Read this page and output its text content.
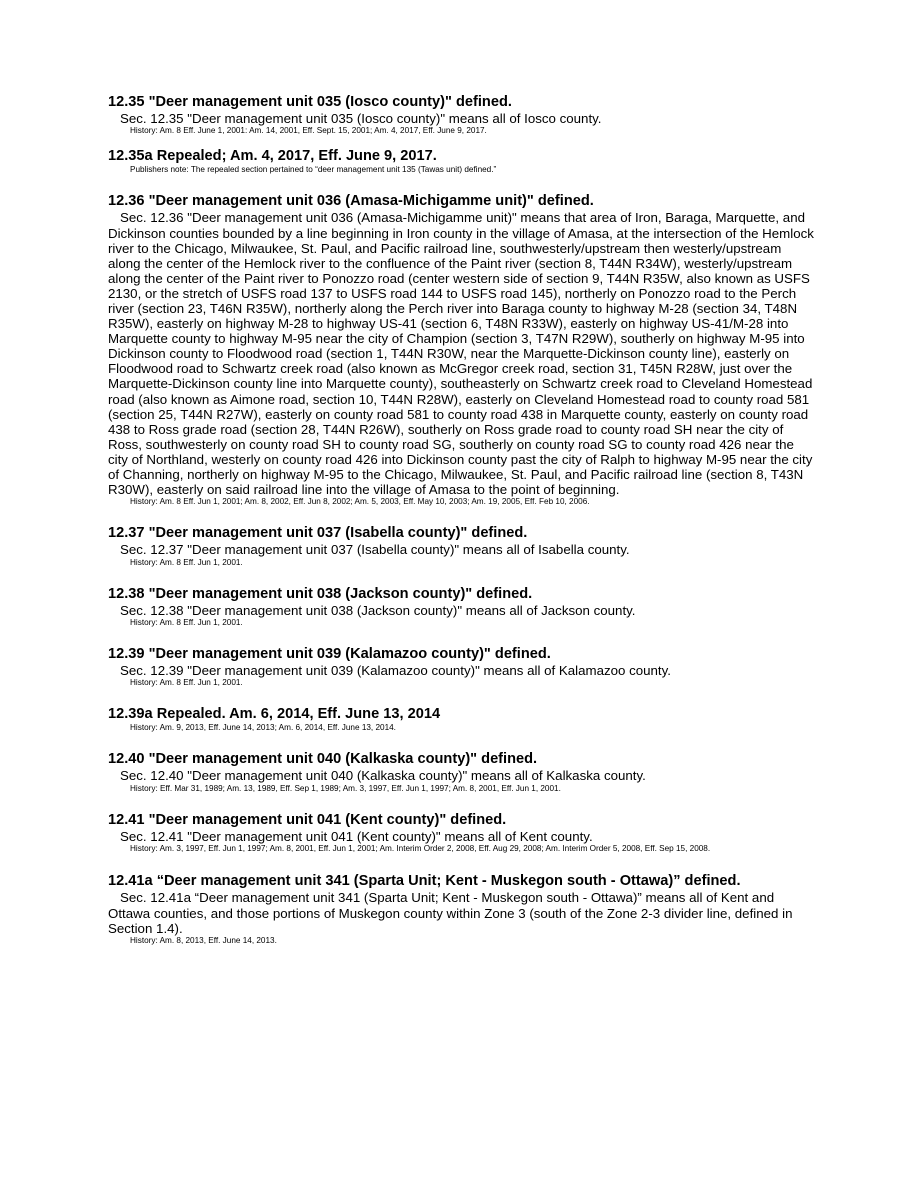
12.35 "Deer management unit 035 (Iosco county)" defined.

Sec. 12.35 "Deer management unit 035 (Iosco county)" means all of Iosco county.

History: Am. 8 Eff. June 1, 2001: Am. 14, 2001, Eff. Sept. 15, 2001; Am. 4, 2017, Eff. June 9, 2017.

12.35a Repealed; Am. 4, 2017, Eff. June 9, 2017.

Publishers note: The repealed section pertained to “deer management unit 135 (Tawas unit) defined.”

12.36 "Deer management unit 036 (Amasa-Michigamme unit)" defined.

Sec. 12.36 "Deer management unit 036 (Amasa-Michigamme unit)" means that area of Iron, Baraga, Marquette, and Dickinson counties bounded by a line beginning in Iron county in the village of Amasa, at the intersection of the Hemlock river to the Chicago, Milwaukee, St. Paul, and Pacific railroad line, southwesterly/upstream then westerly/upstream along the center of the Hemlock river to the confluence of the Paint river (section 8, T44N R34W), westerly/upstream along the center of the Paint river to Ponozzo road (center western side of section 9, T44N R35W, also known as USFS 2130, or the stretch of USFS road 137 to USFS road 144 to USFS road 145), northerly on Ponozzo road to the Perch river (section 23, T46N R35W), northerly along the Perch river into Baraga county to highway M-28 (section 34, T48N R35W), easterly on highway M-28 to highway US-41 (section 6, T48N R33W), easterly on highway US-41/M-28 into Marquette county to highway M-95 near the city of Champion (section 3, T47N R29W), southerly on highway M-95 into Dickinson county to Floodwood road (section 1, T44N R30W, near the Marquette-Dickinson county line), easterly on Floodwood road to Schwartz creek road (also known as McGregor creek road, section 31, T45N R28W, just over the Marquette-Dickinson county line into Marquette county), southeasterly on Schwartz creek road to Cleveland Homestead road (also known as Aimone road, section 10, T44N R28W), easterly on Cleveland Homestead road to county road 581 (section 25, T44N R27W), easterly on county road 581 to county road 438 in Marquette county, easterly on county road 438 to Ross grade road (section 28, T44N R26W), southerly on Ross grade road to county road SH near the city of Ross, southwesterly on county road SH to county road SG, southerly on county road SG to county road 426 near the city of Northland, westerly on county road 426 into Dickinson county past the city of Ralph to highway M-95 near the city of Channing, northerly on highway M-95 to the Chicago, Milwaukee, St. Paul, and Pacific railroad line (section 8, T43N R30W), easterly on said railroad line into the village of Amasa to the point of beginning.

History: Am. 8 Eff. Jun 1, 2001; Am. 8, 2002, Eff. Jun 8, 2002; Am. 5, 2003, Eff. May 10, 2003; Am. 19, 2005, Eff. Feb 10, 2006.

12.37 "Deer management unit 037 (Isabella county)" defined.

Sec. 12.37 "Deer management unit 037 (Isabella county)" means all of Isabella county.

History: Am. 8 Eff. Jun 1, 2001.

12.38 "Deer management unit 038 (Jackson county)" defined.

Sec. 12.38 "Deer management unit 038 (Jackson county)" means all of Jackson county.

History: Am. 8 Eff. Jun 1, 2001.

12.39 "Deer management unit 039 (Kalamazoo county)" defined.

Sec. 12.39 "Deer management unit 039 (Kalamazoo county)" means all of Kalamazoo county.

History: Am. 8 Eff. Jun 1, 2001.

12.39a Repealed. Am. 6, 2014, Eff. June 13, 2014

History: Am. 9, 2013, Eff. June 14, 2013; Am. 6, 2014, Eff. June 13, 2014.

12.40 "Deer management unit 040 (Kalkaska county)" defined.

Sec. 12.40 "Deer management unit 040 (Kalkaska county)" means all of Kalkaska county.

History: Eff. Mar 31, 1989; Am. 13, 1989, Eff. Sep 1, 1989; Am. 3, 1997, Eff. Jun 1, 1997; Am. 8, 2001, Eff. Jun 1, 2001.

12.41 "Deer management unit 041 (Kent county)" defined.

Sec. 12.41 "Deer management unit 041 (Kent county)" means all of Kent county.

History: Am. 3, 1997, Eff. Jun 1, 1997; Am. 8, 2001, Eff. Jun 1, 2001; Am. Interim Order 2, 2008, Eff. Aug 29, 2008; Am. Interim Order 5, 2008, Eff. Sep 15, 2008.

12.41a “Deer management unit 341 (Sparta Unit; Kent - Muskegon south - Ottawa)” defined.

Sec. 12.41a “Deer management unit 341 (Sparta Unit; Kent - Muskegon south - Ottawa)” means all of Kent and Ottawa counties, and those portions of Muskegon county within Zone 3 (south of the Zone 2-3 divider line, defined in Section 1.4).

History: Am. 8, 2013, Eff. June 14, 2013.
